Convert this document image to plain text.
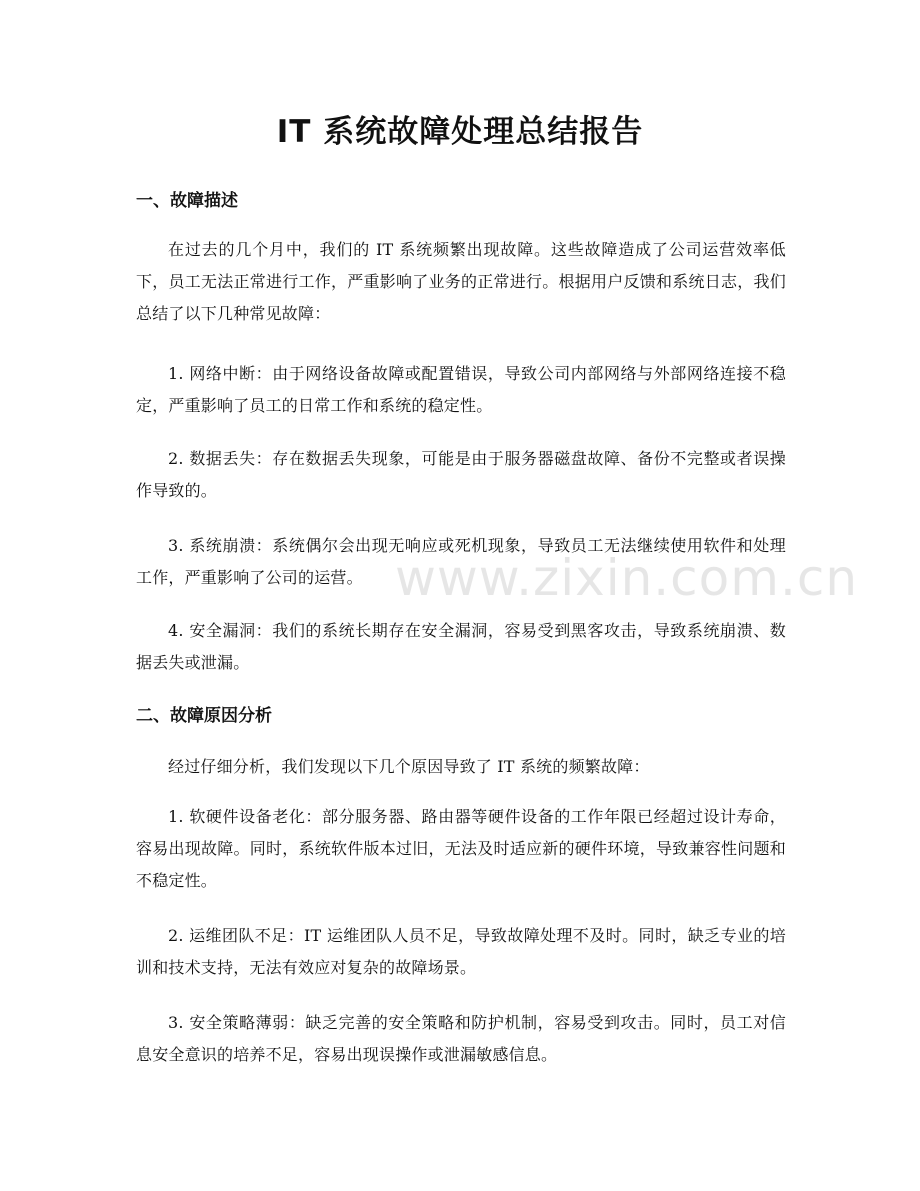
IT 系统故障处理总结报告
一、故障描述

在过去的几个月中，我们的 IT 系统频繁出现故障。这些故障造成了公司运营效率低下，员工无法正常进行工作，严重影响了业务的正常进行。根据用户反馈和系统日志，我们总结了以下几种常见故障：

1. 网络中断：由于网络设备故障或配置错误，导致公司内部网络与外部网络连接不稳定，严重影响了员工的日常工作和系统的稳定性。

2. 数据丢失：存在数据丢失现象，可能是由于服务器磁盘故障、备份不完整或者误操作导致的。

3. 系统崩溃：系统偶尔会出现无响应或死机现象，导致员工无法继续使用软件和处理工作，严重影响了公司的运营。

4. 安全漏洞：我们的系统长期存在安全漏洞，容易受到黑客攻击，导致系统崩溃、数据丢失或泄漏。

二、故障原因分析

经过仔细分析，我们发现以下几个原因导致了 IT 系统的频繁故障：

1. 软硬件设备老化：部分服务器、路由器等硬件设备的工作年限已经超过设计寿命，容易出现故障。同时，系统软件版本过旧，无法及时适应新的硬件环境，导致兼容性问题和不稳定性。

2. 运维团队不足：IT 运维团队人员不足，导致故障处理不及时。同时，缺乏专业的培训和技术支持，无法有效应对复杂的故障场景。

3. 安全策略薄弱：缺乏完善的安全策略和防护机制，容易受到攻击。同时，员工对信息安全意识的培养不足，容易出现误操作或泄漏敏感信息。

www.zixin.com.cn
